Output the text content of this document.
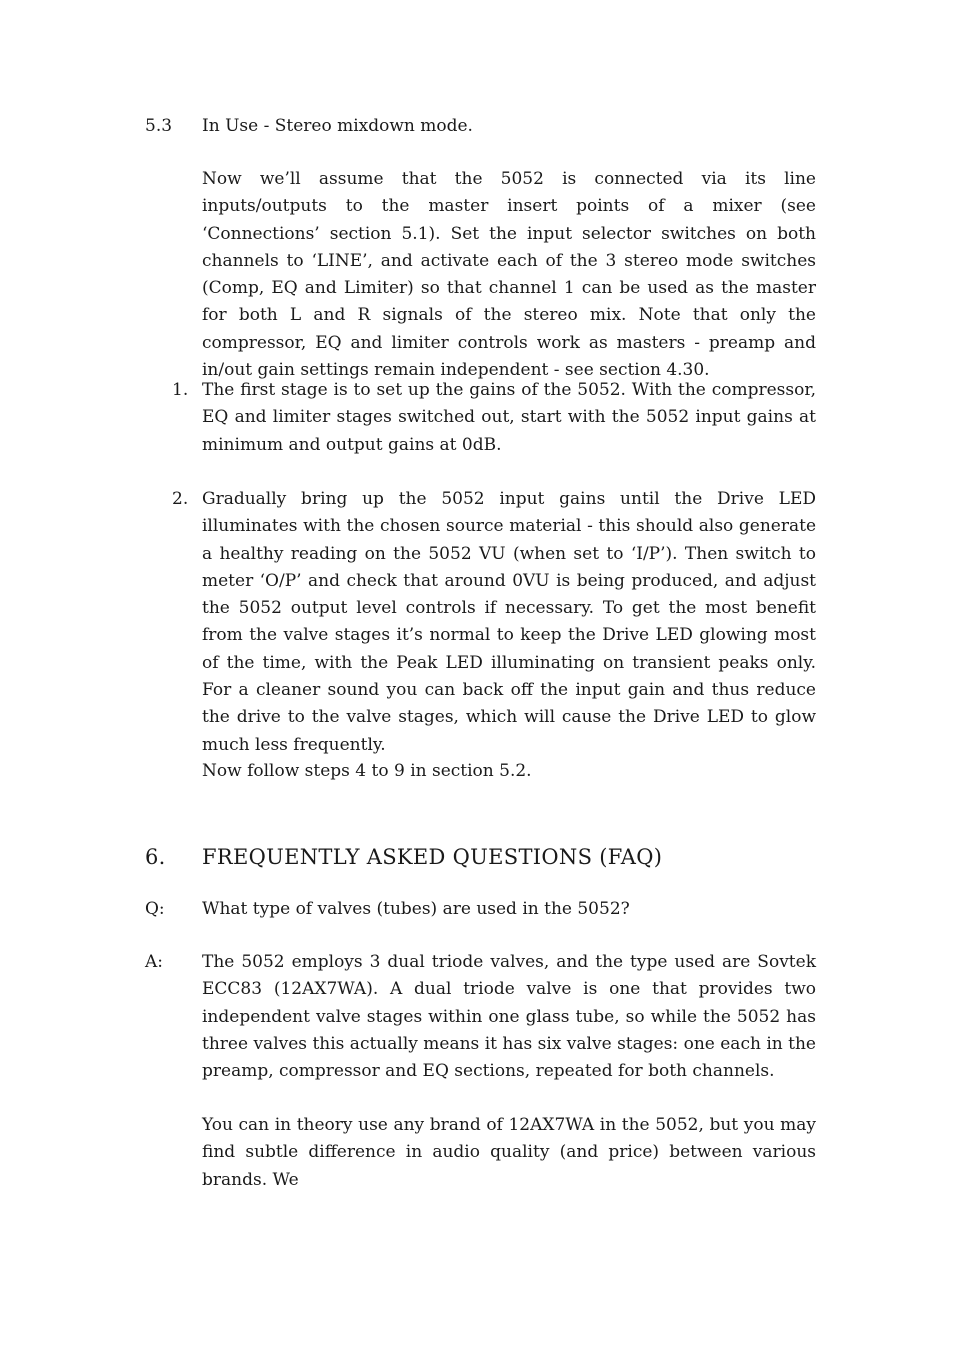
5.3 In Use - Stereo mixdown mode.

Now we’ll assume that the 5052 is connected via its line inputs/outputs to the master insert points of a mixer (see ‘Connections’ section 5.1). Set the input selector switches on both channels to ‘LINE’, and activate each of the 3 stereo mode switches (Comp, EQ and Limiter) so that channel 1 can be used as the master for both L and R signals of the stereo mix. Note that only the compressor, EQ and limiter controls work as masters - preamp and in/out gain settings remain independent - see section 4.30.

1. The first stage is to set up the gains of the 5052. With the compressor, EQ and limiter stages switched out, start with the 5052 input gains at minimum and output gains at 0dB.

2. Gradually bring up the 5052 input gains until the Drive LED illuminates with the chosen source material - this should also generate a healthy reading on the 5052 VU (when set to ‘I/P’). Then switch to meter ‘O/P’ and check that around 0VU is being produced, and adjust the 5052 output level controls if necessary. To get the most benefit from the valve stages it’s normal to keep the Drive LED glowing most of the time, with the Peak LED illuminating on transient peaks only. For a cleaner sound you can back off the input gain and thus reduce the drive to the valve stages, which will cause the Drive LED to glow much less frequently.

Now follow steps 4 to 9 in section 5.2.

6. FREQUENTLY ASKED QUESTIONS (FAQ)
Q: What type of valves (tubes) are used in the 5052?
A: The 5052 employs 3 dual triode valves, and the type used are Sovtek ECC83 (12AX7WA). A dual triode valve is one that provides two independent valve stages within one glass tube, so while the 5052 has three valves this actually means it has six valve stages: one each in the preamp, compressor and EQ sections, repeated for both channels.

You can in theory use any brand of 12AX7WA in the 5052, but you may find subtle difference in audio quality (and price) between various brands. We
